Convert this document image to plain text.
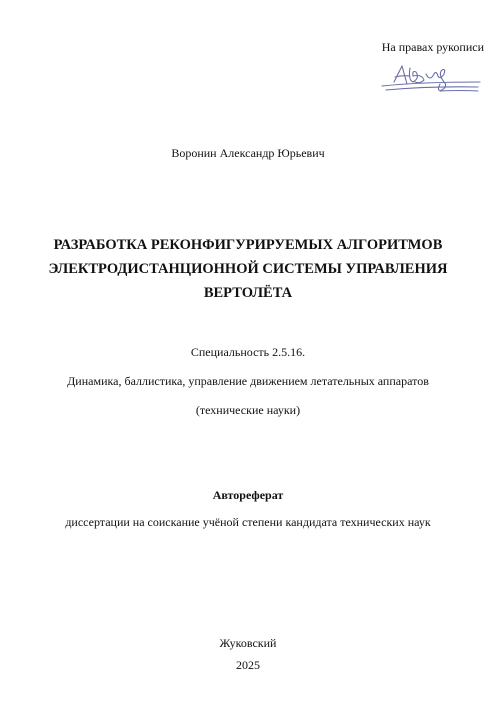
На правах рукописи
Воронин Александр Юрьевич
РАЗРАБОТКА РЕКОНФИГУРИРУЕМЫХ АЛГОРИТМОВ
ЭЛЕКТРОДИСТАНЦИОННОЙ СИСТЕМЫ УПРАВЛЕНИЯ
ВЕРТОЛЁТА
Специальность 2.5.16.
Динамика, баллистика, управление движением летательных аппаратов
(технические науки)
Автореферат
диссертации на соискание учёной степени кандидата технических наук
Жуковский
2025
